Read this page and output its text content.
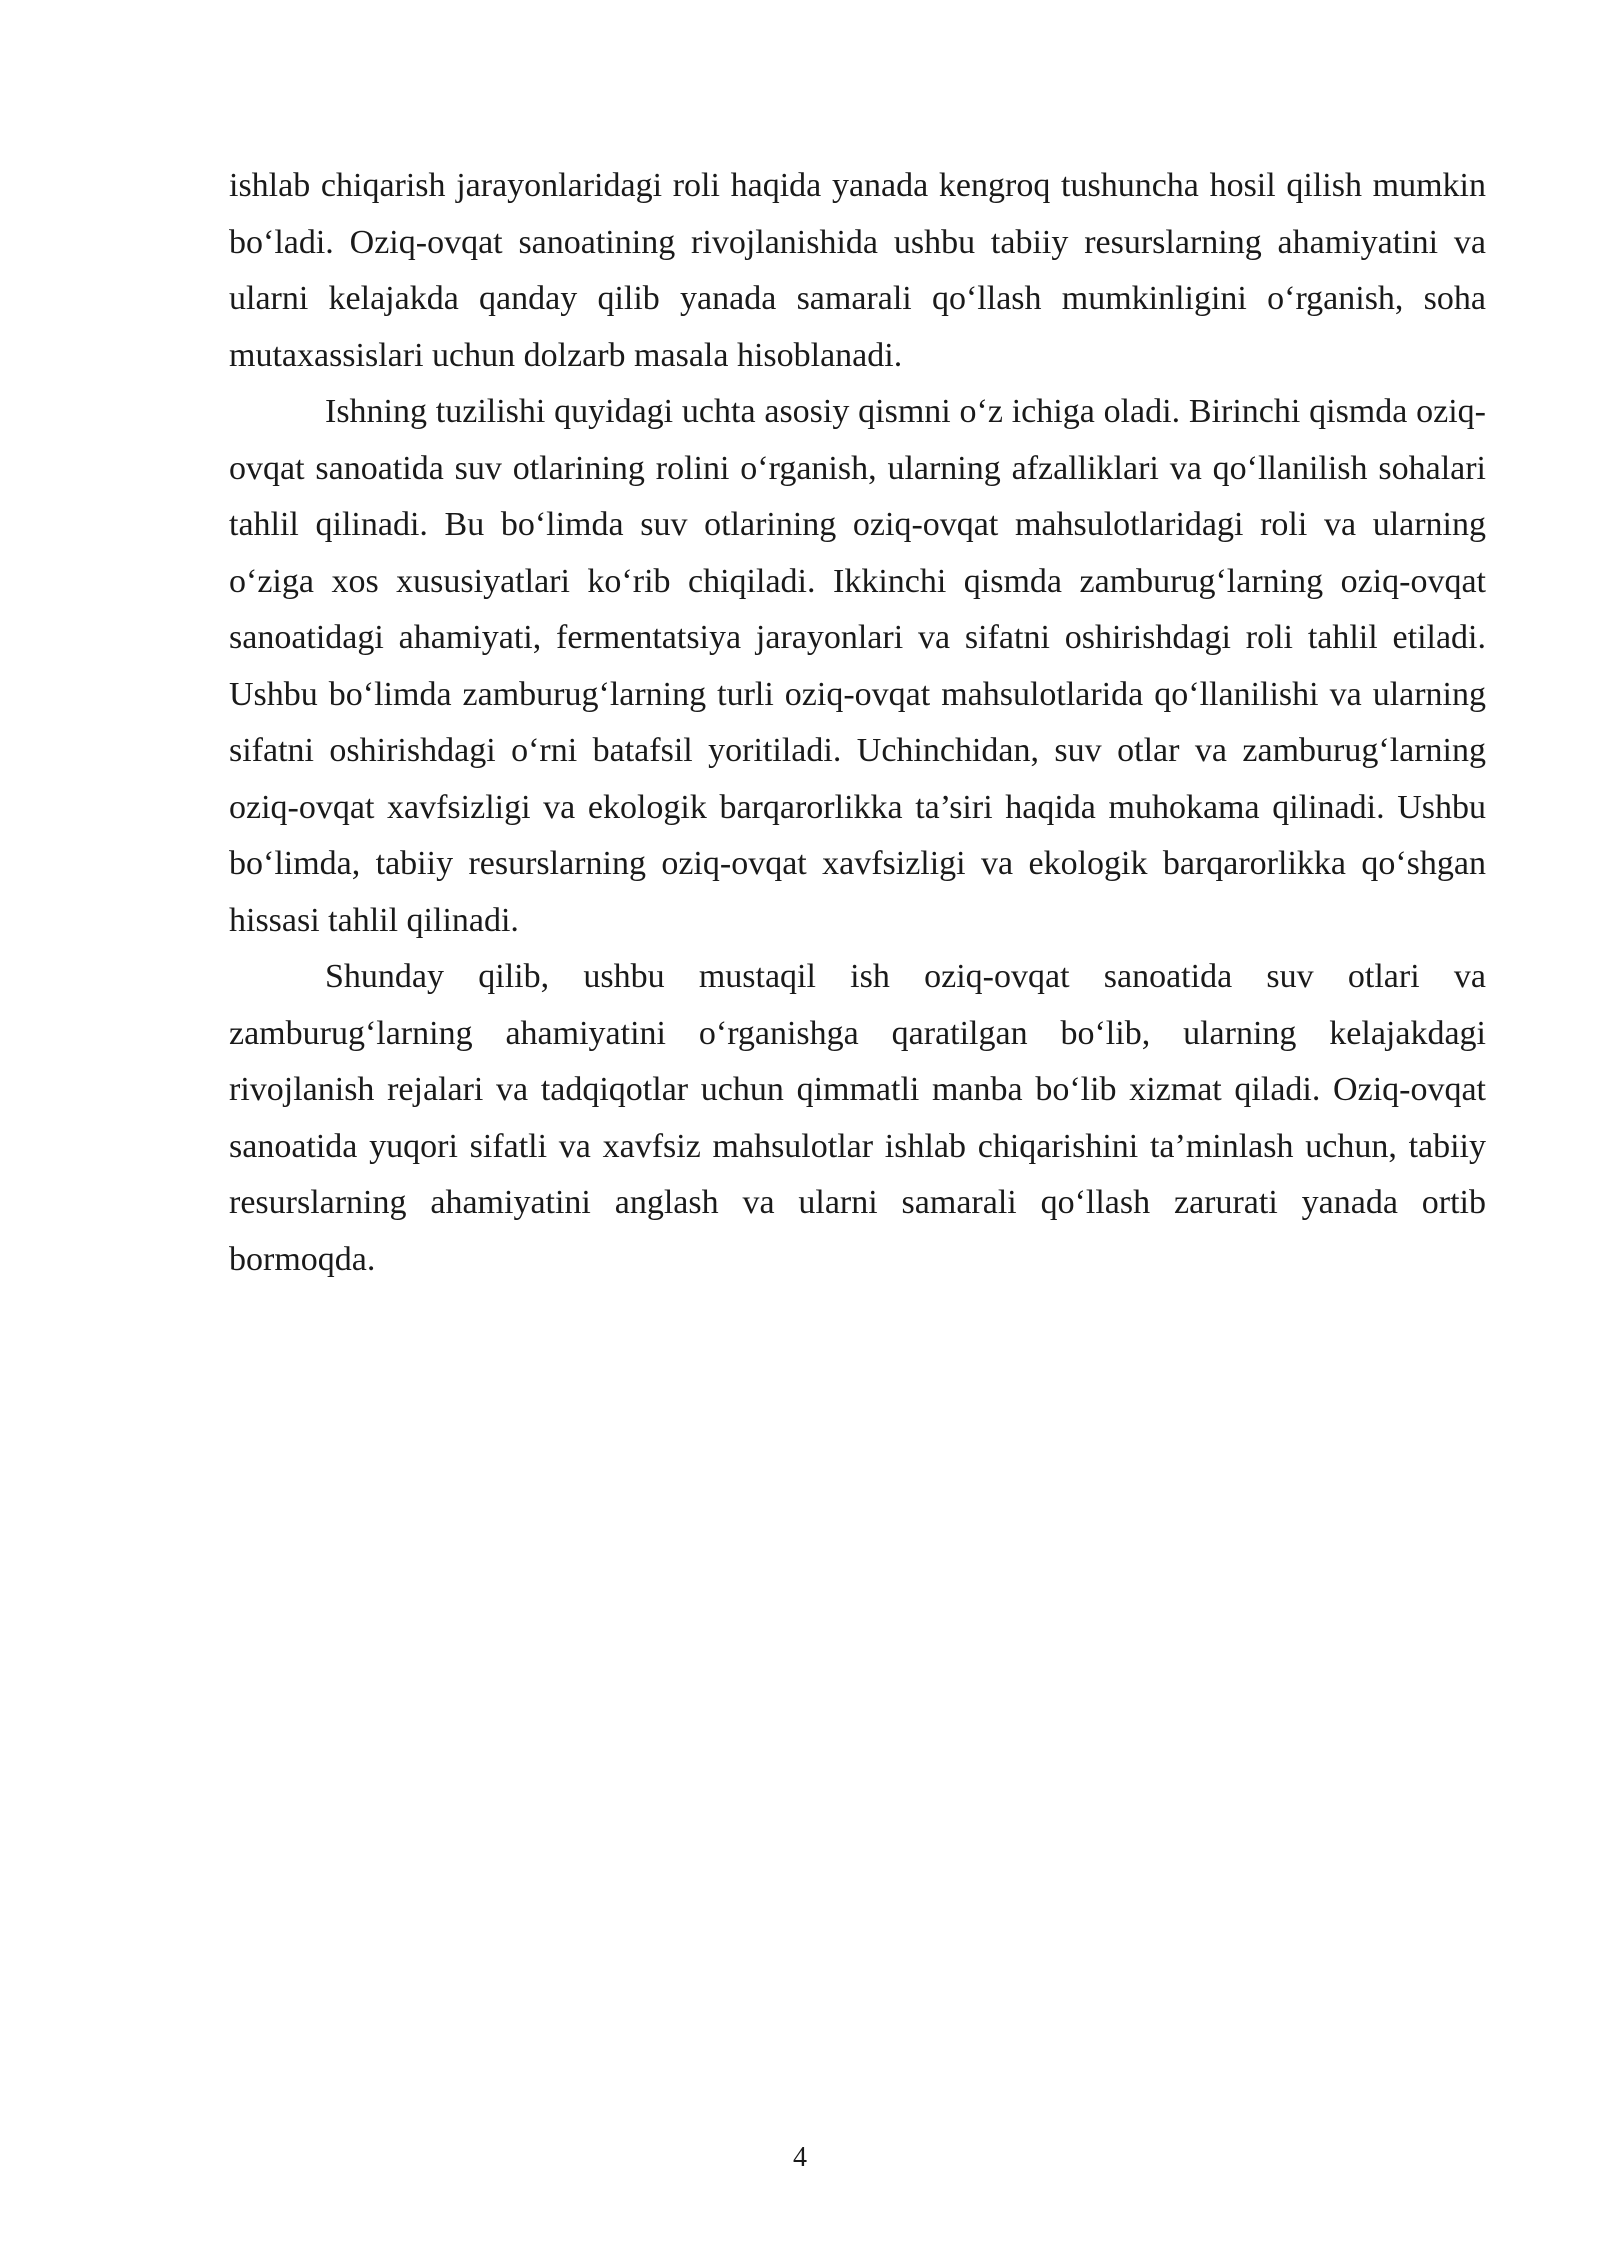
ishlab chiqarish jarayonlaridagi roli haqida yanada kengroq tushuncha hosil qilish mumkin bo‘ladi. Oziq-ovqat sanoatining rivojlanishida ushbu tabiiy resurslarning ahamiyatini va ularni kelajakda qanday qilib yanada samarali qo‘llash mumkinligini o‘rganish, soha mutaxassislari uchun dolzarb masala hisoblanadi.

Ishning tuzilishi quyidagi uchta asosiy qismni o‘z ichiga oladi. Birinchi qismda oziq-ovqat sanoatida suv otlarining rolini o‘rganish, ularning afzalliklari va qo‘llanilish sohalari tahlil qilinadi. Bu bo‘limda suv otlarining oziq-ovqat mahsulotlaridagi roli va ularning o‘ziga xos xususiyatlari ko‘rib chiqiladi. Ikkinchi qismda zamburug‘larning oziq-ovqat sanoatidagi ahamiyati, fermentatsiya jarayonlari va sifatni oshirishdagi roli tahlil etiladi. Ushbu bo‘limda zamburug‘larning turli oziq-ovqat mahsulotlarida qo‘llanilishi va ularning sifatni oshirishdagi o‘rni batafsil yoritiladi. Uchinchidan, suv otlar va zamburug‘larning oziq-ovqat xavfsizligi va ekologik barqarorlikka ta’siri haqida muhokama qilinadi. Ushbu bo‘limda, tabiiy resurslarning oziq-ovqat xavfsizligi va ekologik barqarorlikka qo‘shgan hissasi tahlil qilinadi.

Shunday qilib, ushbu mustaqil ish oziq-ovqat sanoatida suv otlari va zamburug‘larning ahamiyatini o‘rganishga qaratilgan bo‘lib, ularning kelajakdagi rivojlanish rejalari va tadqiqotlar uchun qimmatli manba bo‘lib xizmat qiladi. Oziq-ovqat sanoatida yuqori sifatli va xavfsiz mahsulotlar ishlab chiqarishini ta’minlash uchun, tabiiy resurslarning ahamiyatini anglash va ularni samarali qo‘llash zarurati yanada ortib bormoqda.

4
